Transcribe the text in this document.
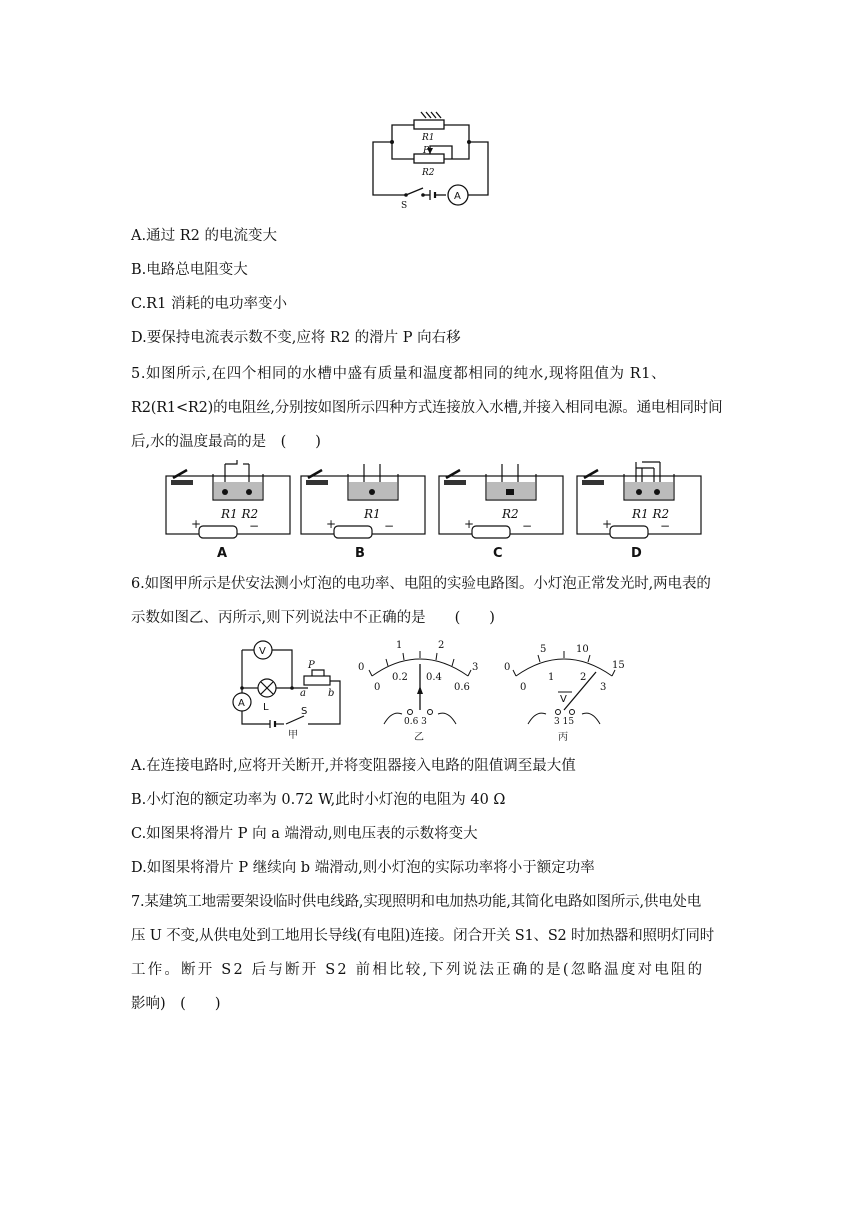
R1
P
R2
S
A
A.通过 R2 的电流变大
B.电路总电阻变大
C.R1 消耗的电功率变小
D.要保持电流表示数不变,应将 R2 的滑片 P 向右移
5.如图所示,在四个相同的水槽中盛有质量和温度都相同的纯水,现将阻值为 R1、
R2(R1<R2)的电阻丝,分别按如图所示四种方式连接放入水槽,并接入相同电源。通电相同时间
后,水的温度最高的是　(　　)
+	−
R1 R2
A
+	−
R1
B
+	−
R2
C
+	−
R1 R2
D
6.如图甲所示是伏安法测小灯泡的电功率、电阻的实验电路图。小灯泡正常发光时,两电表的
示数如图乙、丙所示,则下列说法中不正确的是　　(　　)
V
A L
P
a b
S
甲
0
1	2
3
0
0.2 0.4
0.6
0.6 3
乙
0
5	10
15
0
1	2
3
V
3 15
丙
A.在连接电路时,应将开关断开,并将变阻器接入电路的阻值调至最大值
B.小灯泡的额定功率为 0.72 W,此时小灯泡的电阻为 40 Ω
C.如图果将滑片 P 向 a 端滑动,则电压表的示数将变大
D.如图果将滑片 P 继续向 b 端滑动,则小灯泡的实际功率将小于额定功率
7.某建筑工地需要架设临时供电线路,实现照明和电加热功能,其简化电路如图所示,供电处电
压 U 不变,从供电处到工地用长导线(有电阻)连接。闭合开关 S1、S2 时加热器和照明灯同时
工作。断开 S2 后与断开 S2 前相比较,下列说法正确的是(忽略温度对电阻的
影响)　(　　)
